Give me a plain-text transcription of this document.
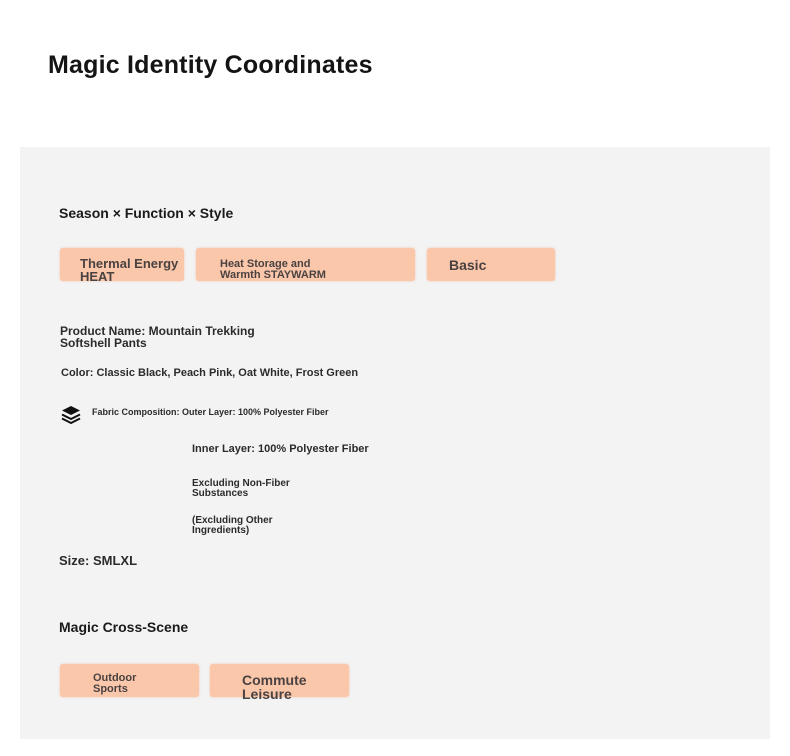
Magic Identity Coordinates
Season × Function × Style
Thermal Energy
HEAT
Heat Storage and
Warmth STAYWARM
Basic
Product Name: Mountain Trekking
Softshell Pants
Color: Classic Black, Peach Pink, Oat White, Frost Green
Fabric Composition: Outer Layer: 100% Polyester Fiber
Inner Layer: 100% Polyester Fiber
Excluding Non-Fiber
Substances
(Excluding Other
Ingredients)
Size: SMLXL
Magic Cross-Scene
Outdoor
Sports
Commute
Leisure
